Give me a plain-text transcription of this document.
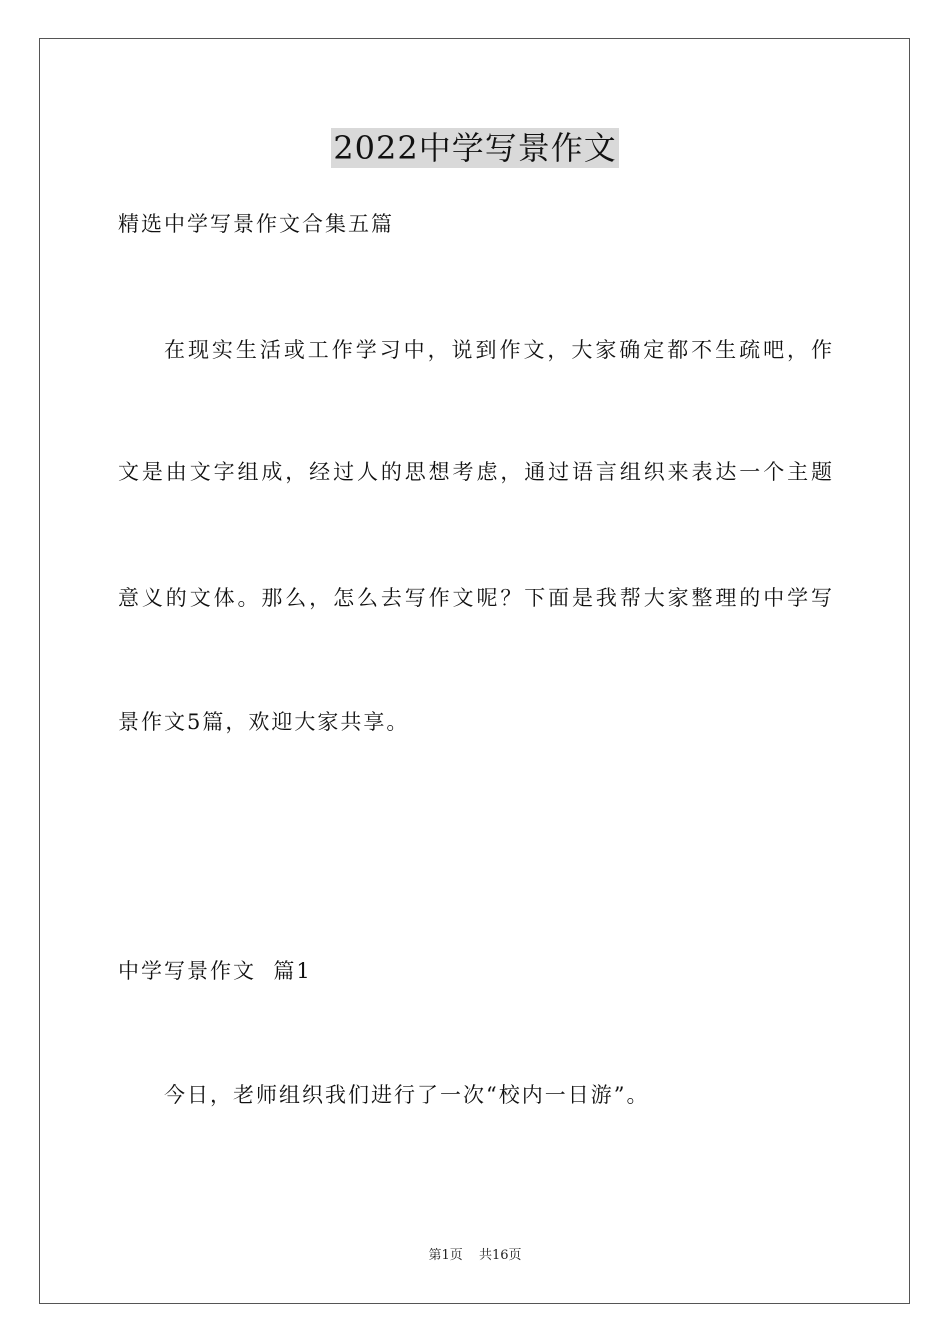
2022中学写景作文
精选中学写景作文合集五篇
在现实生活或工作学习中，说到作文，大家确定都不生疏吧，作
文是由文字组成，经过人的思想考虑，通过语言组织来表达一个主题
意义的文体。那么，怎么去写作文呢？下面是我帮大家整理的中学写
景作文5篇，欢迎大家共享。
中学写景作文  篇1
今日，老师组织我们进行了一次“校内一日游”。
第1页 共16页
